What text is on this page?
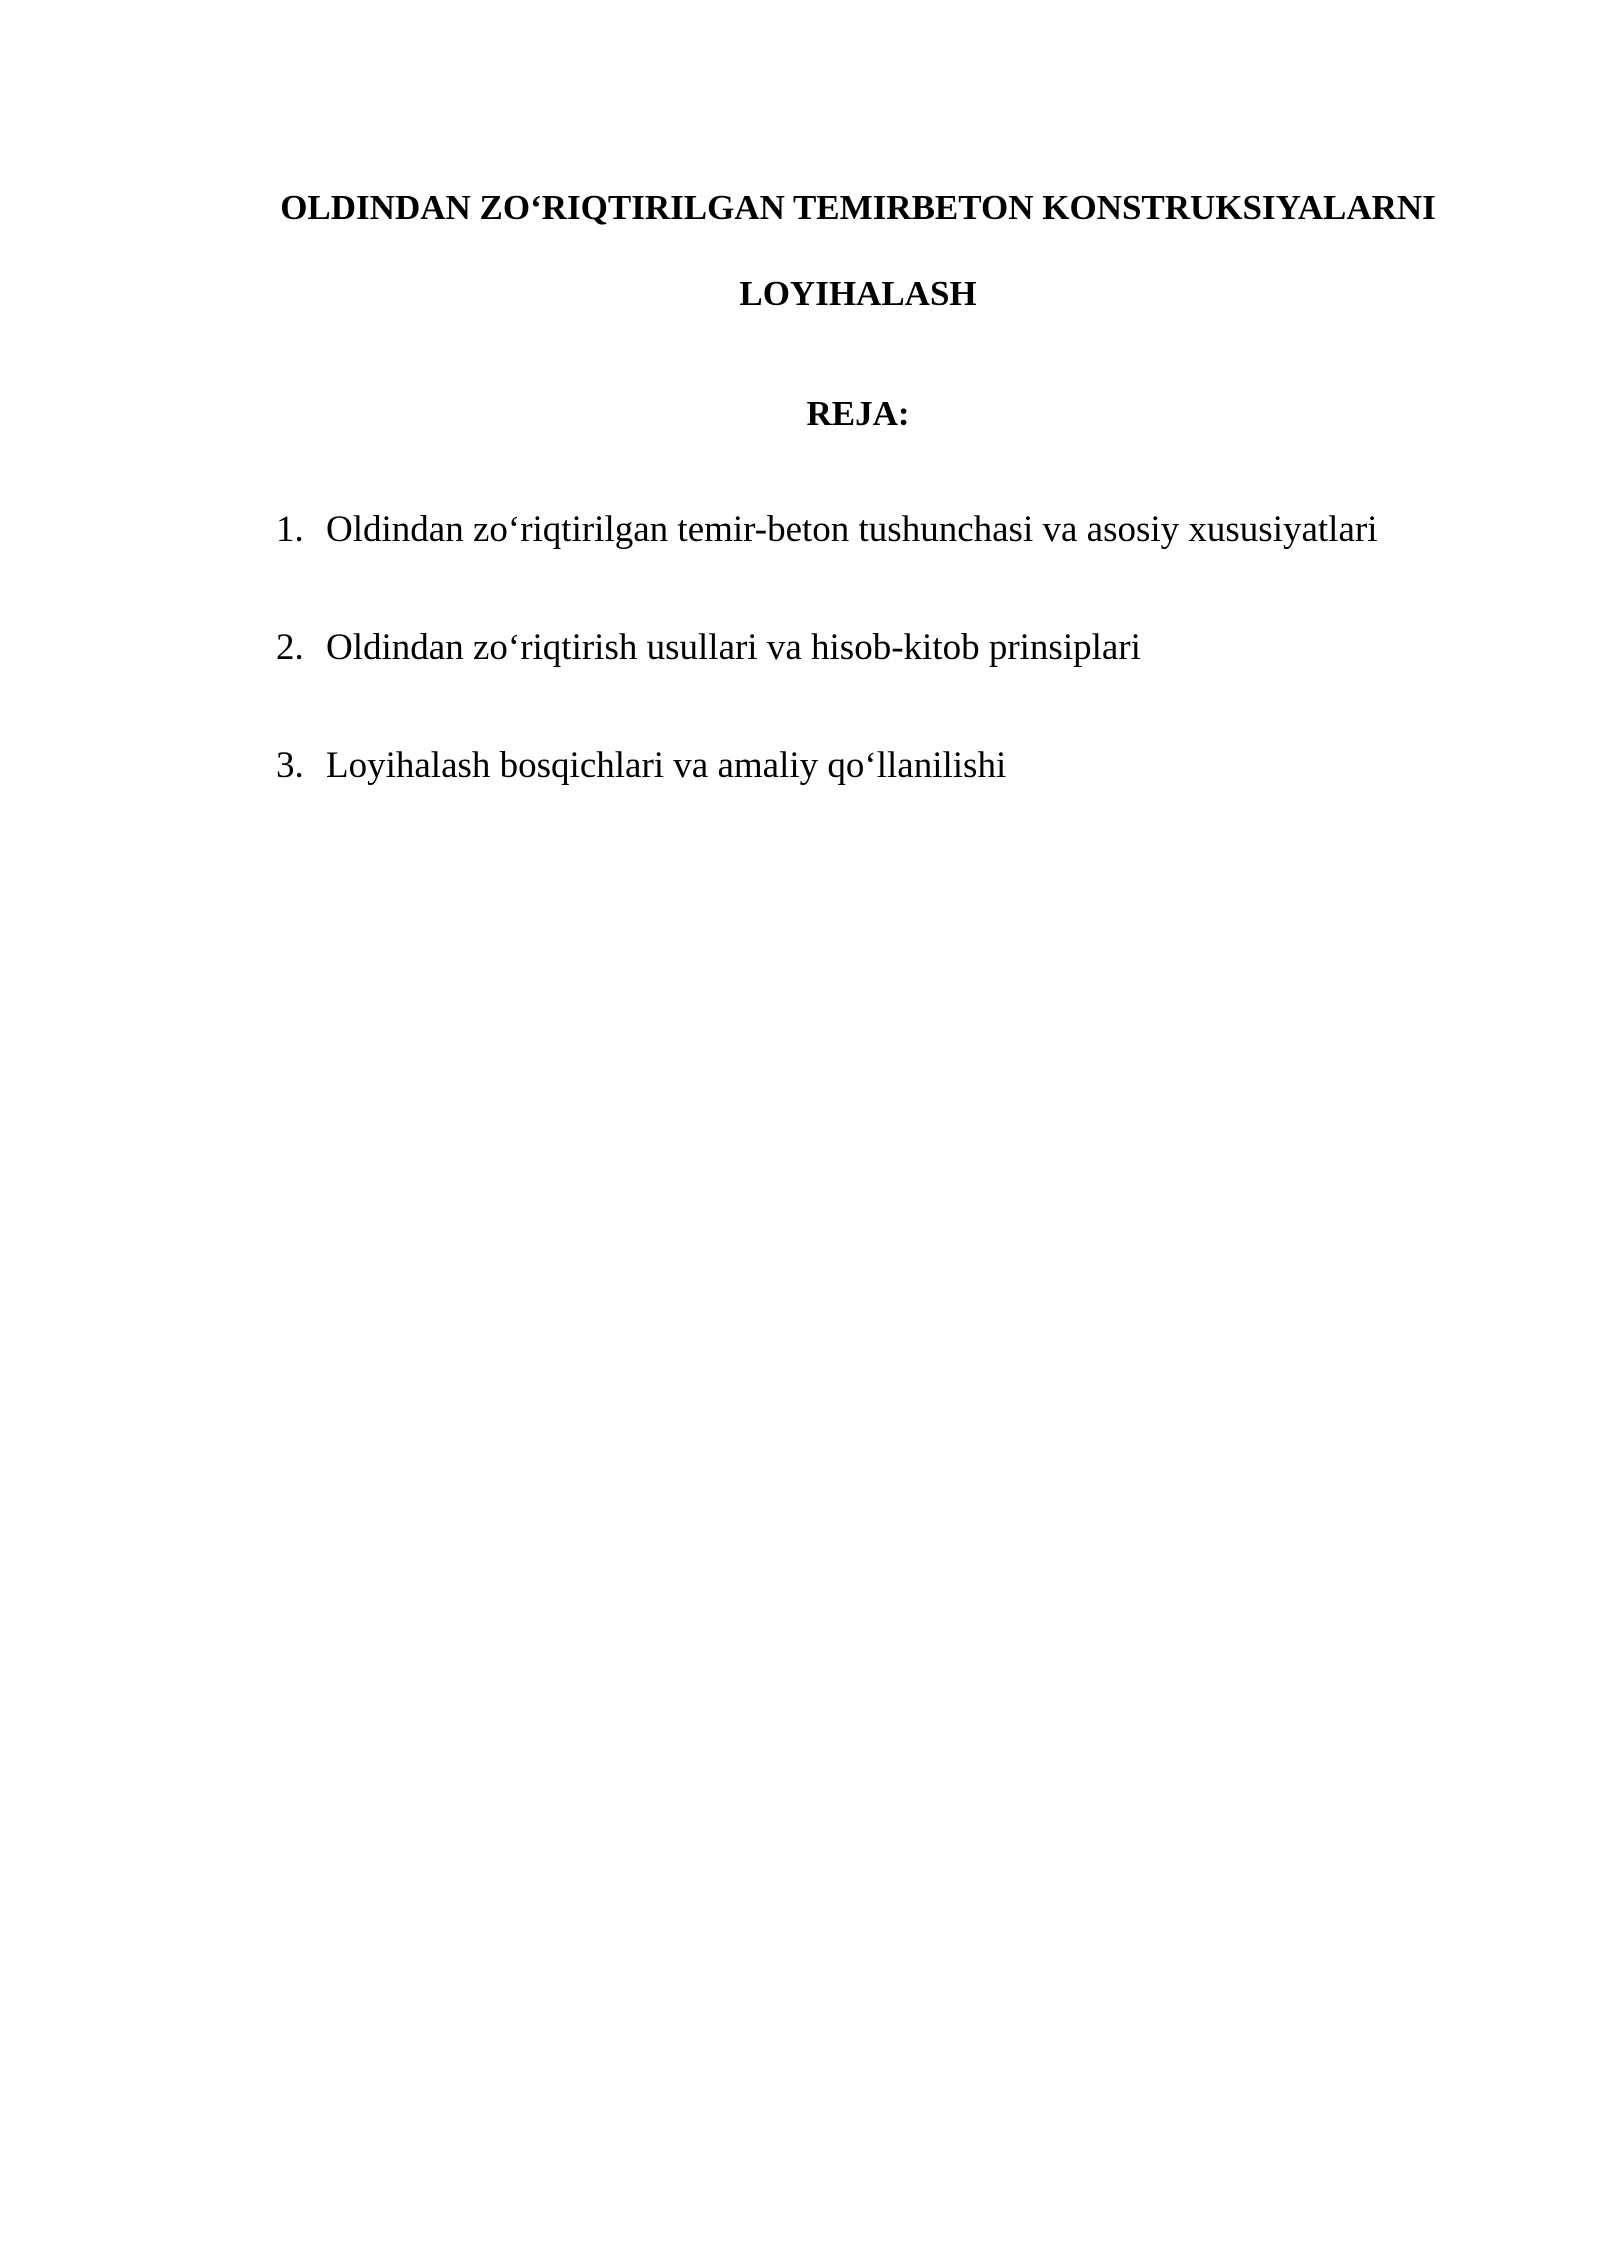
OLDINDAN ZO‘RIQTIRILGAN TEMIRBETON KONSTRUKSIYALARNI
LOYIHALASH
REJA:
1. Oldindan zo‘riqtirilgan temir-beton tushunchasi va asosiy xususiyatlari
2. Oldindan zo‘riqtirish usullari va hisob-kitob prinsiplari
3. Loyihalash bosqichlari va amaliy qo‘llanilishi
